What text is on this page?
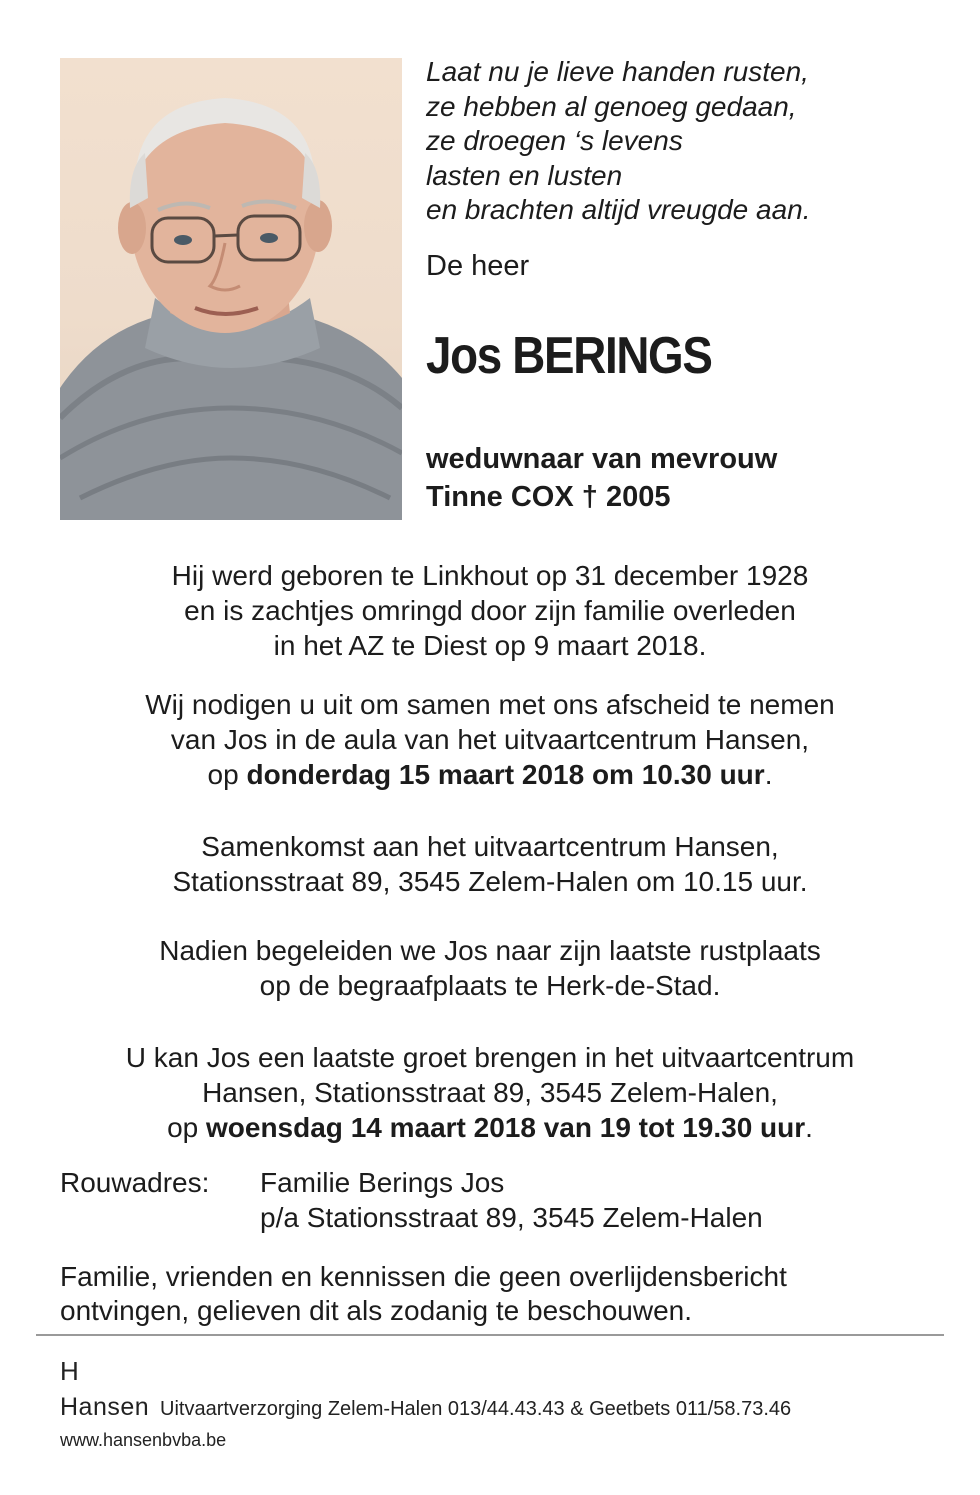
Laat nu je lieve handen rusten,
ze hebben al genoeg gedaan,
ze droegen ‘s levens
lasten en lusten
en brachten altijd vreugde aan.
De heer
Jos BERINGS
weduwnaar van mevrouw
Tinne COX † 2005
Hij werd geboren te Linkhout op 31 december 1928
en is zachtjes omringd door zijn familie overleden
in het AZ te Diest op 9 maart 2018.
Wij nodigen u uit om samen met ons afscheid te nemen
van Jos in de aula van het uitvaartcentrum Hansen,
op donderdag 15 maart 2018 om 10.30 uur.
Samenkomst aan het uitvaartcentrum Hansen,
Stationsstraat 89, 3545 Zelem-Halen om 10.15 uur.
Nadien begeleiden we Jos naar zijn laatste rustplaats
op de begraafplaats te Herk-de-Stad.
U kan Jos een laatste groet brengen in het uitvaartcentrum
Hansen, Stationsstraat 89, 3545 Zelem-Halen,
op woensdag 14 maart 2018 van 19 tot 19.30 uur.
Rouwadres: Familie Berings Jos
p/a Stationsstraat 89, 3545 Zelem-Halen
Familie, vrienden en kennissen die geen overlijdensbericht
ontvingen, gelieven dit als zodanig te beschouwen.
H
Hansen Uitvaartverzorging Zelem-Halen 013/44.43.43 & Geetbets 011/58.73.46
www.hansenbvba.be
